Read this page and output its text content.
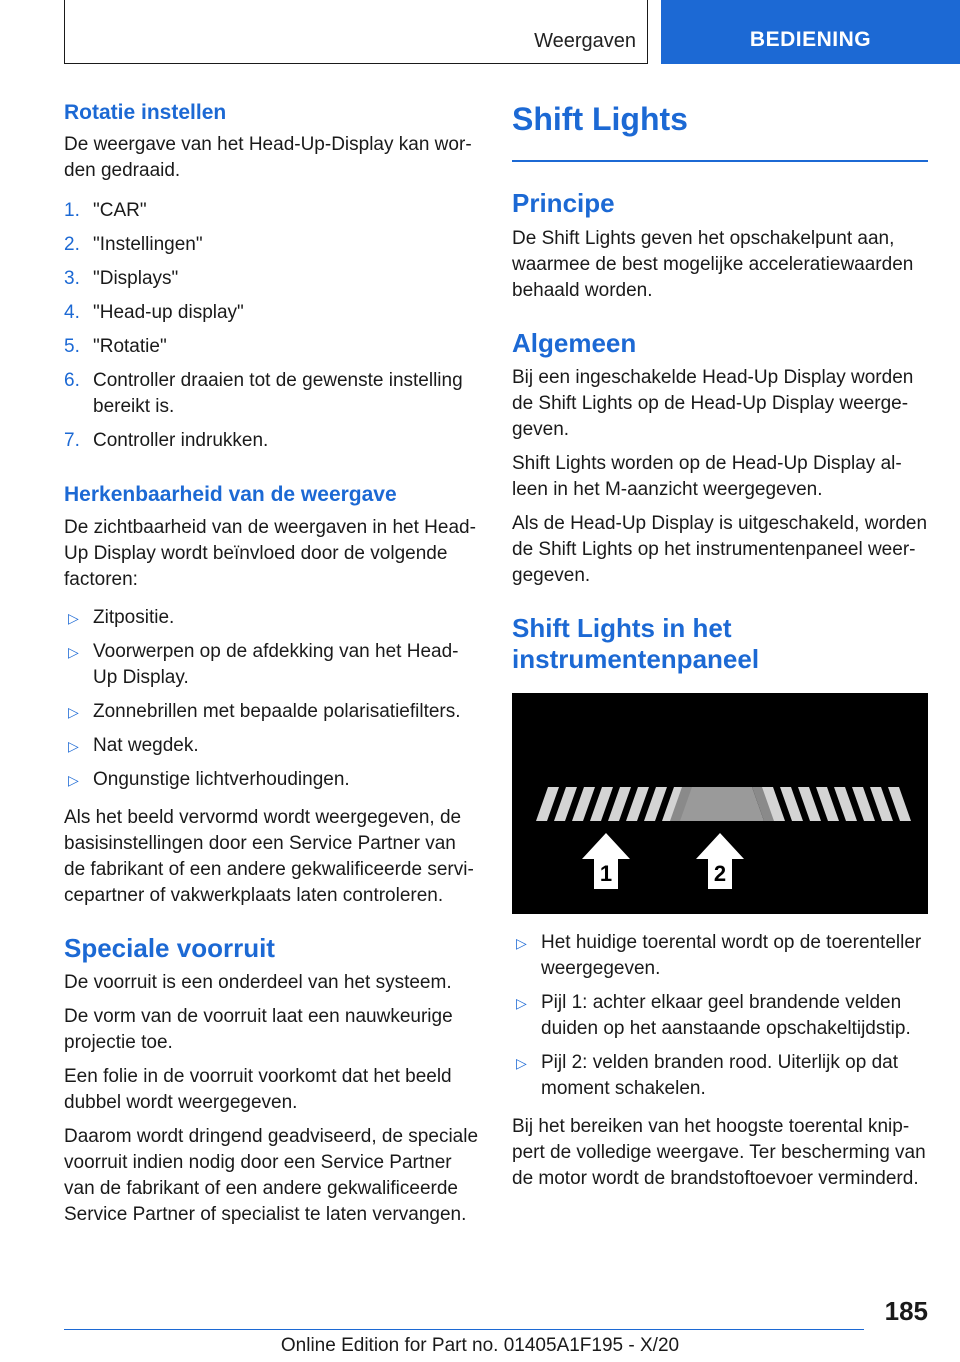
Weergaven	BEDIENING
Rotatie instellen

De weergave van het Head-Up-Display kan worden gedraaid.

1. "CAR"
2. "Instellingen"
3. "Displays"
4. "Head-up display"
5. "Rotatie"
6. Controller draaien tot de gewenste instelling bereikt is.
7. Controller indrukken.
Herkenbaarheid van de weergave

De zichtbaarheid van de weergaven in het Head-Up Display wordt beïnvloed door de volgende factoren:

▷ Zitpositie.
▷ Voorwerpen op de afdekking van het Head-Up Display.
▷ Zonnebrillen met bepaalde polarisatiefilters.
▷ Nat wegdek.
▷ Ongunstige lichtverhoudingen.

Als het beeld vervormd wordt weergegeven, de basisinstellingen door een Service Partner van de fabrikant of een andere gekwalificeerde servicepartner of vakwerkplaats laten controleren.

Speciale voorruit

De voorruit is een onderdeel van het systeem.

De vorm van de voorruit laat een nauwkeurige projectie toe.

Een folie in de voorruit voorkomt dat het beeld dubbel wordt weergegeven.

Daarom wordt dringend geadviseerd, de speciale voorruit indien nodig door een Service Partner van de fabrikant of een andere gekwalificeerde Service Partner of specialist te laten vervangen.

Shift Lights
Principe

De Shift Lights geven het opschakelpunt aan, waarmee de best mogelijke acceleratiewaarden behaald worden.

Algemeen

Bij een ingeschakelde Head-Up Display worden de Shift Lights op de Head-Up Display weergegeven.

Shift Lights worden op de Head-Up Display alleen in het M-aanzicht weergegeven.

Als de Head-Up Display is uitgeschakeld, worden de Shift Lights op het instrumentenpaneel weergegeven.

Shift Lights in het instrumentenpaneel
1	2
▷ Het huidige toerental wordt op de toerenteller weergegeven.
▷ Pijl 1: achter elkaar geel brandende velden duiden op het aanstaande opschakeltijdstip.
▷ Pijl 2: velden branden rood. Uiterlijk op dat moment schakelen.

Bij het bereiken van het hoogste toerental knippert de volledige weergave. Ter bescherming van de motor wordt de brandstoftoevoer verminderd.

185
Online Edition for Part no. 01405A1F195 - X/20
